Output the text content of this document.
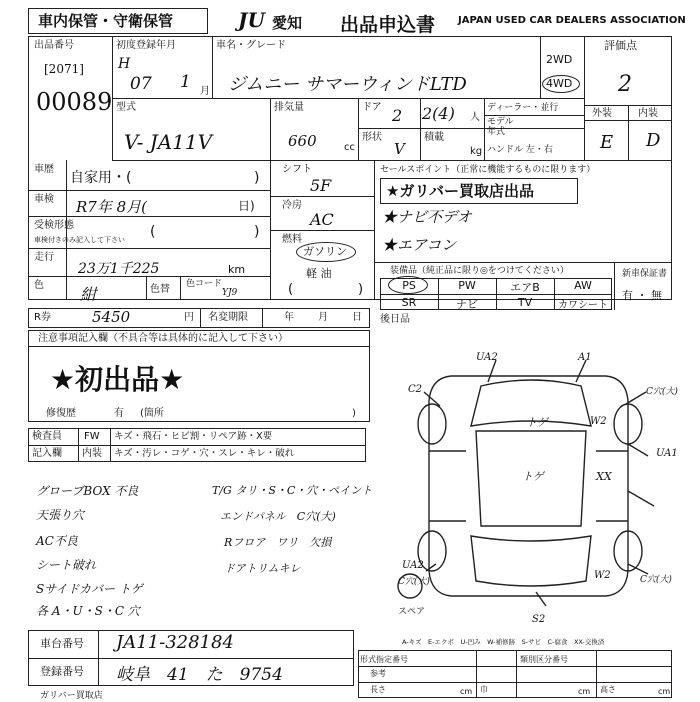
車内保管・守衛保管	JU 愛知 出品申込書 JAPAN USED CAR DEALERS ASSOCIATION
出品番号
[2071]
00089
初度登録年月
H
07 1 月
車名・グレード
ジムニー サマーウィンドLTD
2WD
4WD
評価点
2
型式
V- JA11V
排気量
660	cc
ドア 2 2(4) 人
形状
V
積載
kg
ディーラー・並行
モデル
年式
ハンドル 左・右
外装	内装
E D
車歴
自家用・(	)
車検 R7年 8月(	日)
受検形態
車検付きのみ記入して下さい (	)
走行
23万1千225	km
色 紺	色替 色コード
YJ9
シフト
5F
冷房
AC
燃料
ガソリン
軽 油
(	)
セールスポイント（正常に機能するものに限ります）
★ガリバー買取店出品
★ナビ不デオ
★エアコン
装備品（純正品に限り◎をつけてください）
PS	PW	エアB	AW
SR	ナビ	TV	カワシート
新車保証書
有 ・ 無
R券	5450	円 名変期限	年 月 日 後日品
注意事項記入欄（不具合等は具体的に記入して下さい）
★初出品★
修復歴	有 (箇所	)
検査員
記入欄
FW キズ・飛石・ヒビ割・リペア跡・X要
内装 キズ・汚レ・コゲ・穴・スレ・キレ・破れ
グローブBOX 不良
天張り穴
AC不良
シート破れ
Sサイドカバー トゲ
各 A・U・S・C 穴
T/G タリ・S・C・穴・ペイント
エンドパネル　C穴(大)
Rフロア　ワリ　欠損
ドアトリムキレ
UA2	A1
C2	C穴(大)
W2
トゲ
UA1
トゲ	XX
UA2
C穴(大)
W2	C穴(大)
スペア
S2
A-キズ　E-エクボ　U-凹み　W-補修跡　S-サビ　C-腐食　XX-交換済
車台番号 JA11-328184
登録番号 岐阜　41　た　9754
形式指定番号	類別区分番号
参考
長さ	cm 巾	cm 高さ	cm
ガリバー買取店
